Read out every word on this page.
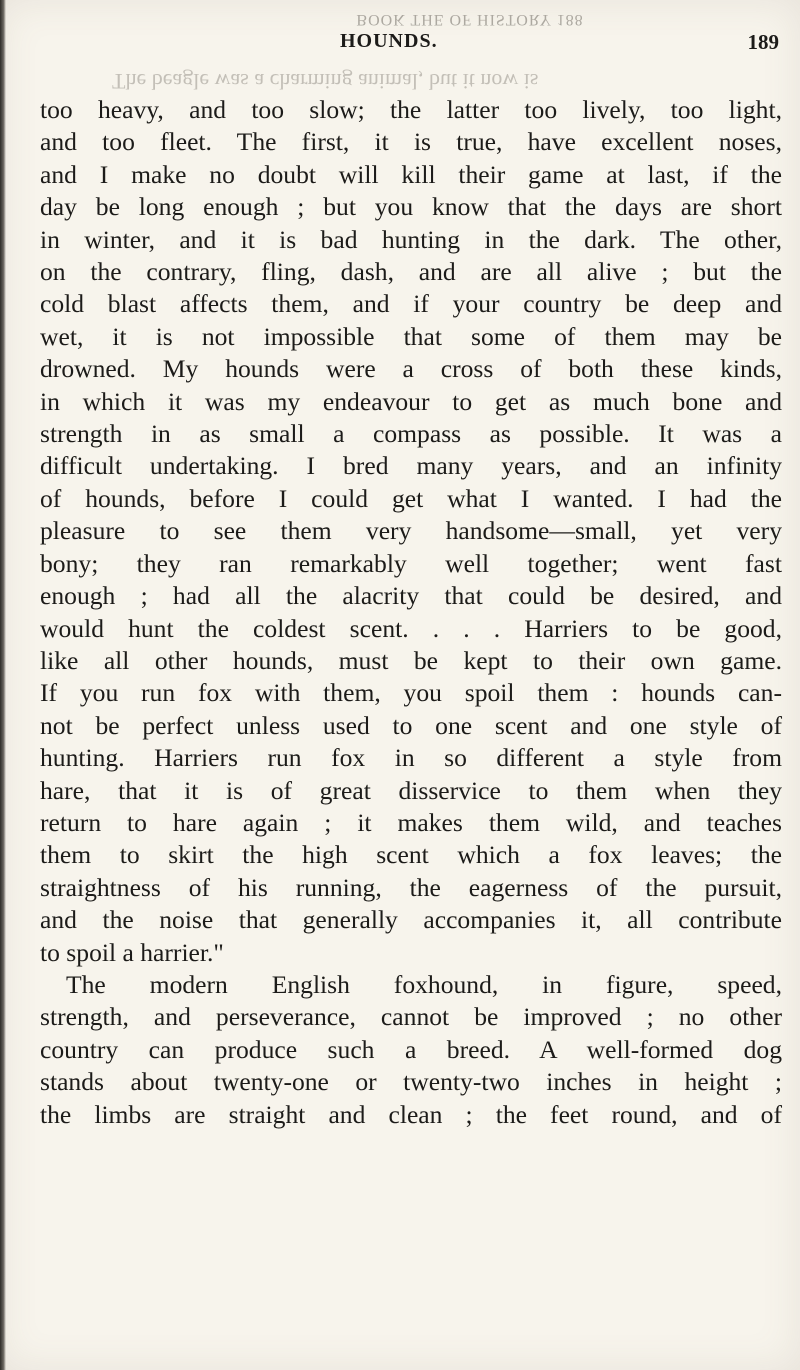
BOOK THE OF HISTORY 188
The beagle was a charming animal, but it now is
HOUNDS.	189
too heavy, and too slow; the latter too lively, too light,
and too fleet. The first, it is true, have excellent noses,
and I make no doubt will kill their game at last, if the
day be long enough ; but you know that the days are short
in winter, and it is bad hunting in the dark. The other,
on the contrary, fling, dash, and are all alive ; but the
cold blast affects them, and if your country be deep and
wet, it is not impossible that some of them may be
drowned. My hounds were a cross of both these kinds,
in which it was my endeavour to get as much bone and
strength in as small a compass as possible. It was a
difficult undertaking. I bred many years, and an infinity
of hounds, before I could get what I wanted. I had the
pleasure to see them very handsome—small, yet very
bony; they ran remarkably well together; went fast
enough ; had all the alacrity that could be desired, and
would hunt the coldest scent. . . . Harriers to be good,
like all other hounds, must be kept to their own game.
If you run fox with them, you spoil them : hounds can-
not be perfect unless used to one scent and one style of
hunting. Harriers run fox in so different a style from
hare, that it is of great disservice to them when they
return to hare again ; it makes them wild, and teaches
them to skirt the high scent which a fox leaves; the
straightness of his running, the eagerness of the pursuit,
and the noise that generally accompanies it, all contribute
to spoil a harrier."
The modern English foxhound, in figure, speed,
strength, and perseverance, cannot be improved ; no other
country can produce such a breed. A well-formed dog
stands about twenty-one or twenty-two inches in height ;
the limbs are straight and clean ; the feet round, and of
